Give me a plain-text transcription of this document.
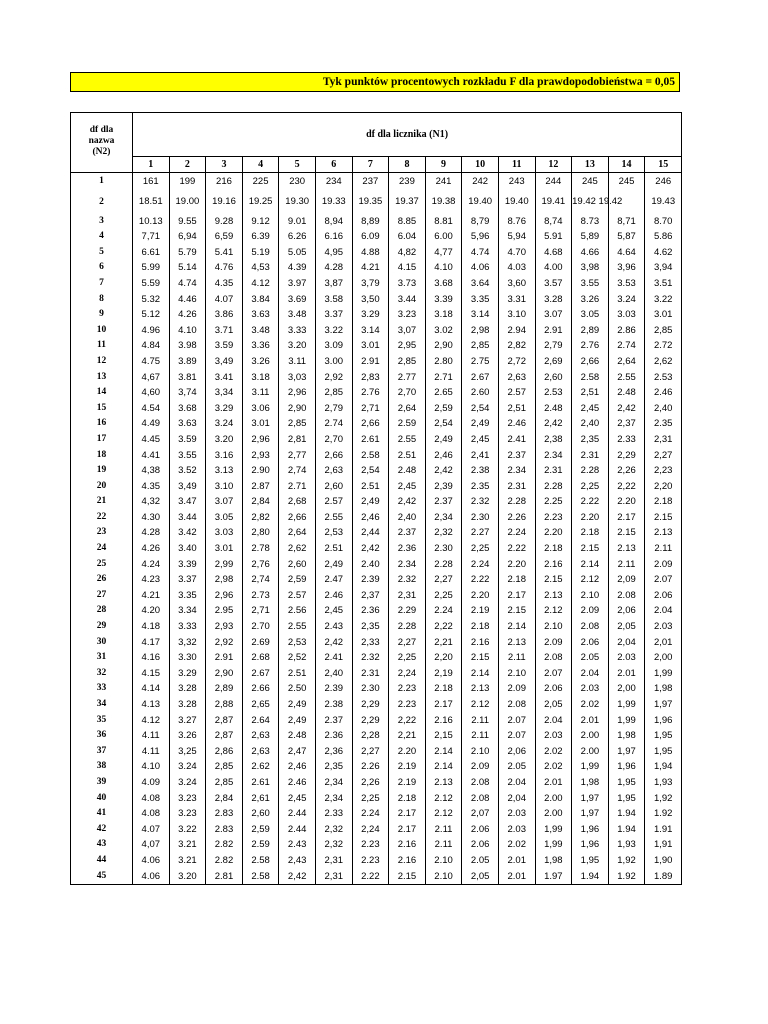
Tyk punktów procentowych rozkładu F dla prawdopodobieństwa = 0,05
df dla
nazwa
(N2)	df dla licznika (N1)														
	1	2	3	4	5	6	7	8	9	10	11	12	13	14	15
1	161	199	216	225	230	234	237	239	241	242	243	244	245	245	246
2	18.51	19.00	19.16	19.25	19.30	19.33	19.35	19.37	19.38	19.40	19.40	19.41	19.42 19.42		19.43
3	10.13	9.55	9.28	9.12	9.01	8,94	8,89	8.85	8.81	8,79	8.76	8,74	8.73	8,71	8.70
4	7,71	6,94	6,59	6.39	6.26	6.16	6.09	6.04	6.00	5,96	5,94	5.91	5,89	5,87	5.86
5	6.61	5.79	5.41	5.19	5.05	4,95	4.88	4,82	4,77	4.74	4.70	4.68	4.66	4.64	4.62
6	5.99	5.14	4.76	4,53	4.39	4.28	4.21	4.15	4.10	4.06	4.03	4.00	3,98	3,96	3,94
7	5.59	4.74	4.35	4.12	3.97	3,87	3,79	3.73	3.68	3.64	3,60	3.57	3.55	3.53	3.51
8	5.32	4.46	4.07	3.84	3.69	3.58	3,50	3.44	3.39	3.35	3.31	3.28	3.26	3.24	3.22
9	5.12	4.26	3.86	3.63	3.48	3.37	3.29	3.23	3.18	3.14	3.10	3.07	3.05	3.03	3.01
10	4.96	4.10	3.71	3.48	3.33	3.22	3.14	3,07	3.02	2,98	2.94	2.91	2,89	2.86	2,85
11	4.84	3.98	3.59	3.36	3.20	3.09	3.01	2,95	2,90	2,85	2,82	2,79	2.76	2.74	2.72
12	4.75	3.89	3,49	3.26	3.11	3.00	2.91	2,85	2.80	2.75	2,72	2,69	2,66	2,64	2,62
13	4,67	3.81	3.41	3.18	3,03	2,92	2,83	2.77	2.71	2.67	2,63	2,60	2.58	2.55	2.53
14	4,60	3,74	3,34	3.11	2,96	2,85	2.76	2,70	2.65	2.60	2.57	2.53	2,51	2.48	2.46
15	4.54	3.68	3.29	3.06	2,90	2,79	2,71	2,64	2,59	2,54	2,51	2.48	2,45	2,42	2,40
16	4.49	3.63	3.24	3.01	2,85	2.74	2,66	2.59	2,54	2,49	2.46	2,42	2,40	2,37	2.35
17	4.45	3.59	3.20	2,96	2,81	2,70	2.61	2.55	2,49	2,45	2.41	2,38	2,35	2.33	2,31
18	4.41	3.55	3.16	2,93	2,77	2,66	2.58	2.51	2,46	2,41	2.37	2.34	2.31	2,29	2,27
19	4,38	3.52	3.13	2.90	2,74	2,63	2,54	2.48	2,42	2.38	2.34	2.31	2.28	2,26	2,23
20	4.35	3,49	3.10	2.87	2.71	2,60	2.51	2,45	2,39	2.35	2.31	2.28	2,25	2,22	2,20
21	4,32	3.47	3.07	2,84	2,68	2.57	2,49	2,42	2.37	2.32	2.28	2.25	2.22	2.20	2.18
22	4.30	3.44	3.05	2,82	2,66	2.55	2,46	2,40	2,34	2.30	2.26	2.23	2.20	2.17	2.15
23	4.28	3.42	3.03	2,80	2,64	2,53	2,44	2.37	2,32	2.27	2.24	2.20	2.18	2.15	2.13
24	4.26	3.40	3.01	2.78	2,62	2.51	2,42	2.36	2.30	2,25	2.22	2.18	2.15	2.13	2.11
25	4.24	3.39	2,99	2,76	2,60	2,49	2.40	2.34	2.28	2.24	2.20	2.16	2.14	2.11	2.09
26	4.23	3.37	2,98	2,74	2,59	2.47	2.39	2.32	2,27	2.22	2.18	2.15	2.12	2,09	2.07
27	4.21	3.35	2,96	2.73	2.57	2.46	2,37	2,31	2,25	2.20	2.17	2.13	2.10	2.08	2.06
28	4.20	3.34	2.95	2,71	2.56	2,45	2.36	2.29	2.24	2.19	2.15	2.12	2.09	2,06	2.04
29	4.18	3.33	2,93	2.70	2.55	2.43	2,35	2.28	2,22	2.18	2.14	2.10	2.08	2,05	2.03
30	4.17	3,32	2,92	2.69	2,53	2,42	2,33	2,27	2,21	2.16	2.13	2.09	2.06	2,04	2,01
31	4.16	3.30	2.91	2.68	2,52	2.41	2.32	2,25	2,20	2.15	2.11	2.08	2.05	2.03	2,00
32	4.15	3.29	2,90	2.67	2.51	2,40	2.31	2,24	2,19	2.14	2.10	2.07	2.04	2.01	1,99
33	4.14	3.28	2,89	2.66	2.50	2.39	2.30	2.23	2.18	2.13	2.09	2.06	2.03	2,00	1,98
34	4.13	3.28	2,88	2,65	2,49	2.38	2,29	2.23	2.17	2.12	2.08	2,05	2.02	1,99	1,97
35	4.12	3.27	2,87	2.64	2,49	2.37	2,29	2,22	2.16	2.11	2.07	2.04	2.01	1,99	1,96
36	4.11	3.26	2,87	2,63	2.48	2.36	2,28	2,21	2,15	2.11	2.07	2.03	2.00	1,98	1,95
37	4.11	3,25	2,86	2,63	2,47	2,36	2,27	2.20	2.14	2.10	2,06	2.02	2.00	1,97	1,95
38	4.10	3.24	2,85	2.62	2,46	2,35	2.26	2.19	2.14	2.09	2.05	2.02	1,99	1,96	1,94
39	4.09	3.24	2,85	2.61	2.46	2,34	2,26	2.19	2.13	2.08	2.04	2.01	1,98	1,95	1,93
40	4.08	3.23	2,84	2,61	2,45	2,34	2,25	2.18	2.12	2.08	2,04	2.00	1,97	1,95	1,92
41	4.08	3.23	2.83	2,60	2.44	2.33	2.24	2.17	2.12	2,07	2.03	2.00	1,97	1.94	1.92
42	4.07	3.22	2.83	2,59	2.44	2,32	2,24	2.17	2.11	2.06	2.03	1,99	1,96	1.94	1.91
43	4,07	3.21	2.82	2.59	2.43	2,32	2.23	2.16	2.11	2.06	2.02	1,99	1,96	1,93	1,91
44	4.06	3.21	2.82	2.58	2,43	2,31	2.23	2.16	2.10	2.05	2.01	1,98	1,95	1,92	1,90
45	4.06	3.20	2.81	2.58	2,42	2,31	2.22	2.15	2.10	2,05	2.01	1.97	1.94	1.92	1.89
